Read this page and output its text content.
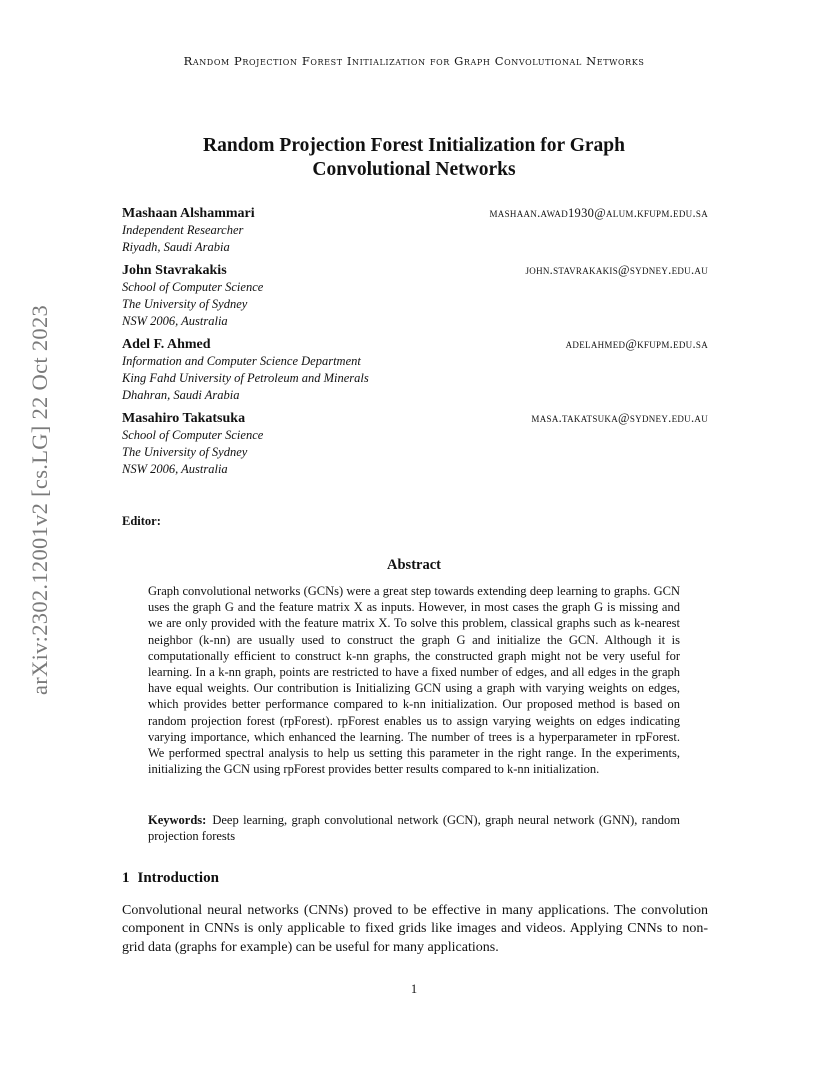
Random Projection Forest Initialization for Graph Convolutional Networks
arXiv:2302.12001v2 [cs.LG] 22 Oct 2023
Random Projection Forest Initialization for Graph
Convolutional Networks
Mashaan Alshammari	mashaan.awad1930@alum.kfupm.edu.sa
Independent Researcher
Riyadh, Saudi Arabia
John Stavrakakis	john.stavrakakis@sydney.edu.au
School of Computer Science
The University of Sydney
NSW 2006, Australia
Adel F. Ahmed	adelahmed@kfupm.edu.sa
Information and Computer Science Department
King Fahd University of Petroleum and Minerals
Dhahran, Saudi Arabia
Masahiro Takatsuka	masa.takatsuka@sydney.edu.au
School of Computer Science
The University of Sydney
NSW 2006, Australia
Editor:
Abstract
Graph convolutional networks (GCNs) were a great step towards extending deep learning to graphs. GCN uses the graph G and the feature matrix X as inputs. However, in most cases the graph G is missing and we are only provided with the feature matrix X. To solve this problem, classical graphs such as k-nearest neighbor (k-nn) are usually used to construct the graph G and initialize the GCN. Although it is computationally efficient to construct k-nn graphs, the constructed graph might not be very useful for learning. In a k-nn graph, points are restricted to have a fixed number of edges, and all edges in the graph have equal weights. Our contribution is Initializing GCN using a graph with varying weights on edges, which provides better performance compared to k-nn initialization. Our proposed method is based on random projection forest (rpForest). rpForest enables us to assign varying weights on edges indicating varying importance, which enhanced the learning. The number of trees is a hyperparameter in rpForest. We performed spectral analysis to help us setting this parameter in the right range. In the experiments, initializing the GCN using rpForest provides better results compared to k-nn initialization.
Keywords: Deep learning, graph convolutional network (GCN), graph neural network (GNN), random projection forests
1 Introduction
Convolutional neural networks (CNNs) proved to be effective in many applications. The convolution component in CNNs is only applicable to fixed grids like images and videos. Applying CNNs to non-grid data (graphs for example) can be useful for many applications.
1
